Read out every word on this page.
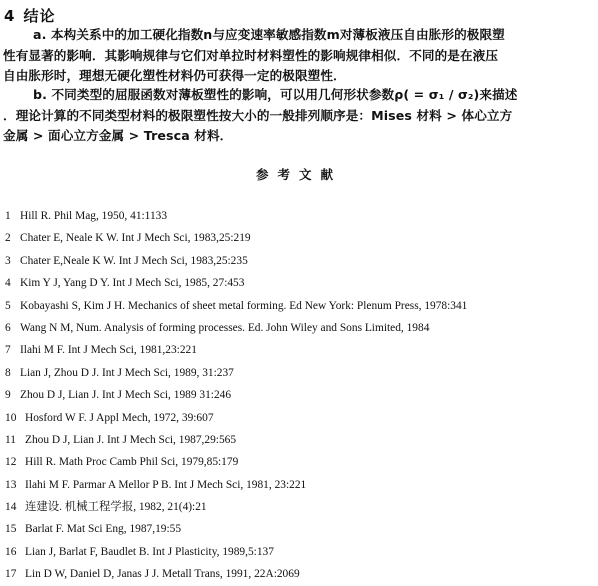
4 结论
a. 本构关系中的加工硬化指数n与应变速率敏感指数m对薄板液压自由胀形的极限塑
性有显著的影响．其影响规律与它们对单拉时材料塑性的影响规律相似．不同的是在液压
自由胀形时，理想无硬化塑性材料仍可获得一定的极限塑性．
b. 不同类型的屈服函数对薄板塑性的影响，可以用几何形状参数ρ( = σ₁ / σ₂)来描述
．理论计算的不同类型材料的极限塑性按大小的一般排列顺序是：Mises 材料 > 体心立方
金属 > 面心立方金属 > Tresca 材料．
参考文献
1 Hill R. Phil Mag, 1950, 41:1133
2 Chater E, Neale K W. Int J Mech Sci, 1983,25:219
3 Chater E,Neale K W. Int J Mech Sci, 1983,25:235
4 Kim Y J, Yang D Y. Int J Mech Sci, 1985, 27:453
5 Kobayashi S, Kim J H. Mechanics of sheet metal forming. Ed New York: Plenum Press, 1978:341
6 Wang N M, Num. Analysis of forming processes. Ed. John Wiley and Sons Limited, 1984
7 Ilahi M F. Int J Mech Sci, 1981,23:221
8 Lian J, Zhou D J. Int J Mech Sci, 1989, 31:237
9 Zhou D J, Lian J. Int J Mech Sci, 1989 31:246
10 Hosford W F. J Appl Mech, 1972, 39:607
11 Zhou D J, Lian J. Int J Mech Sci, 1987,29:565
12 Hill R. Math Proc Camb Phil Sci, 1979,85:179
13 Ilahi M F. Parmar A Mellor P B. Int J Mech Sci, 1981, 23:221
14 连建设. 机械工程学报, 1982, 21(4):21
15 Barlat F. Mat Sci Eng, 1987,19:55
16 Lian J, Barlat F, Baudlet B. Int J Plasticity, 1989,5:137
17 Lin D W, Daniel D, Janas J J. Metall Trans, 1991, 22A:2069
